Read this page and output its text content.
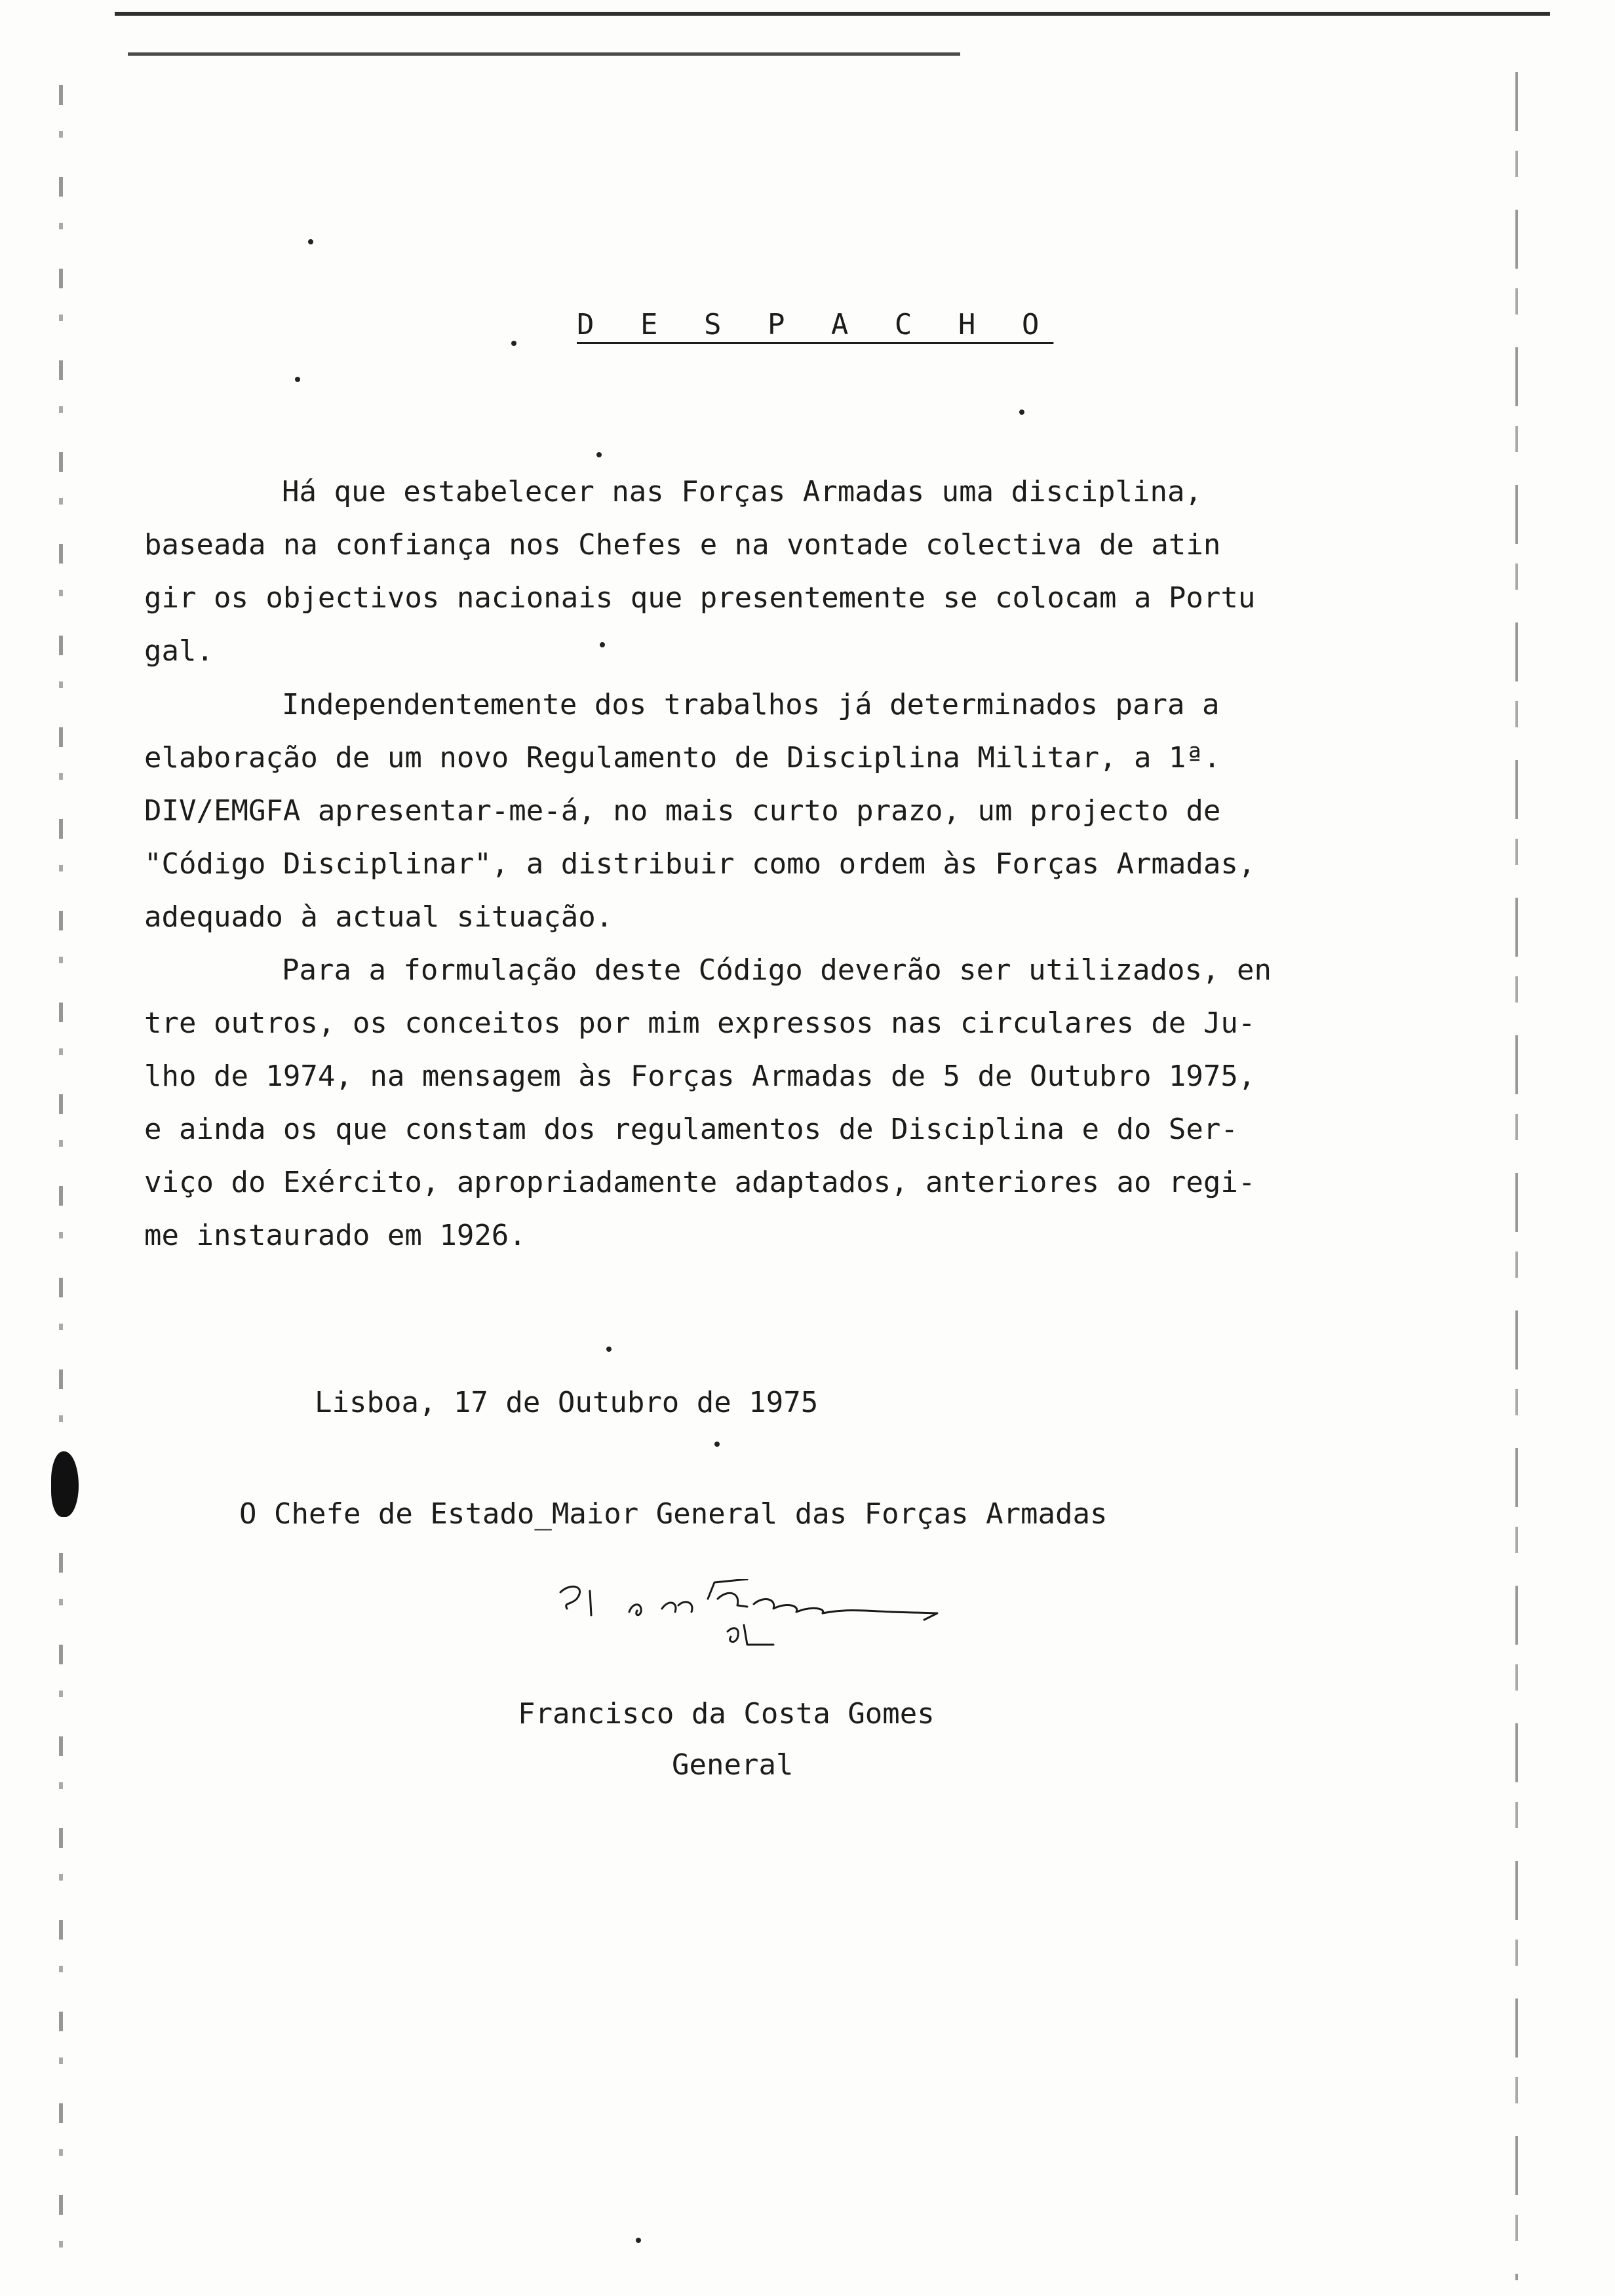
D E S P A C H O

Há que estabelecer nas Forças Armadas uma disciplina,
baseada na confiança nos Chefes e na vontade colectiva de atin
gir os objectivos nacionais que presentemente se colocam a Portu
gal.

Independentemente dos trabalhos já determinados para a
elaboração de um novo Regulamento de Disciplina Militar, a 1ª.
DIV/EMGFA apresentar-me-á, no mais curto prazo, um projecto de
"Código Disciplinar", a distribuir como ordem às Forças Armadas,
adequado à actual situação.

Para a formulação deste Código deverão ser utilizados, en
tre outros, os conceitos por mim expressos nas circulares de Ju-
lho de 1974, na mensagem às Forças Armadas de 5 de Outubro 1975,
e ainda os que constam dos regulamentos de Disciplina e do Ser-
viço do Exército, apropriadamente adaptados, anteriores ao regi-
me instaurado em 1926.

Lisboa, 17 de Outubro de 1975
O Chefe de Estado_Maior General das Forças Armadas
Francisco da Costa Gomes
General
